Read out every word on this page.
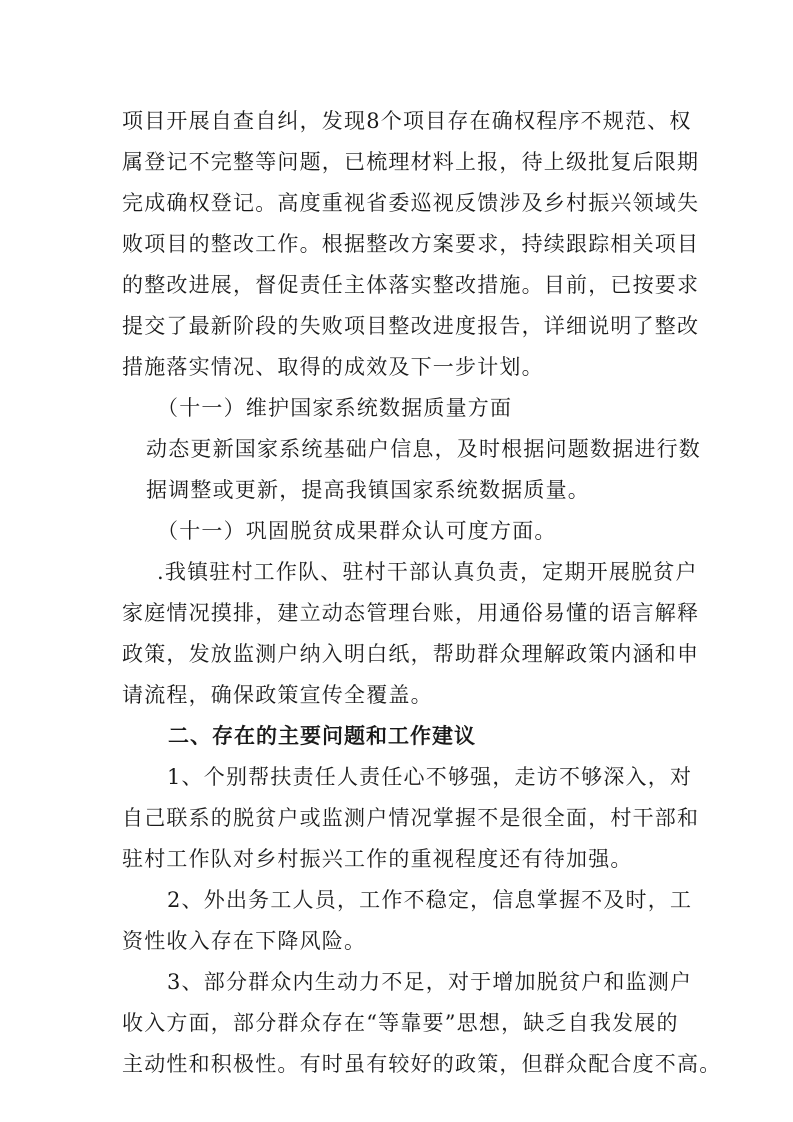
项目开展自查自纠，发现8个项目存在确权程序不规范、权
属登记不完整等问题，已梳理材料上报，待上级批复后限期
完成确权登记。高度重视省委巡视反馈涉及乡村振兴领域失
败项目的整改工作。根据整改方案要求，持续跟踪相关项目
的整改进展，督促责任主体落实整改措施。目前，已按要求
提交了最新阶段的失败项目整改进度报告，详细说明了整改
措施落实情况、取得的成效及下一步计划。
（十一）维护国家系统数据质量方面
动态更新国家系统基础户信息，及时根据问题数据进行数
据调整或更新，提高我镇国家系统数据质量。
（十一）巩固脱贫成果群众认可度方面。
.我镇驻村工作队、驻村干部认真负责，定期开展脱贫户
家庭情况摸排，建立动态管理台账，用通俗易懂的语言解释
政策，发放监测户纳入明白纸，帮助群众理解政策内涵和申
请流程，确保政策宣传全覆盖。
二、存在的主要问题和工作建议
1、个别帮扶责任人责任心不够强，走访不够深入，对
自己联系的脱贫户或监测户情况掌握不是很全面，村干部和
驻村工作队对乡村振兴工作的重视程度还有待加强。
2、外出务工人员，工作不稳定，信息掌握不及时，工
资性收入存在下降风险。
3、部分群众内生动力不足，对于增加脱贫户和监测户
收入方面，部分群众存在“等靠要”思想，缺乏自我发展的
主动性和积极性。有时虽有较好的政策，但群众配合度不高。
